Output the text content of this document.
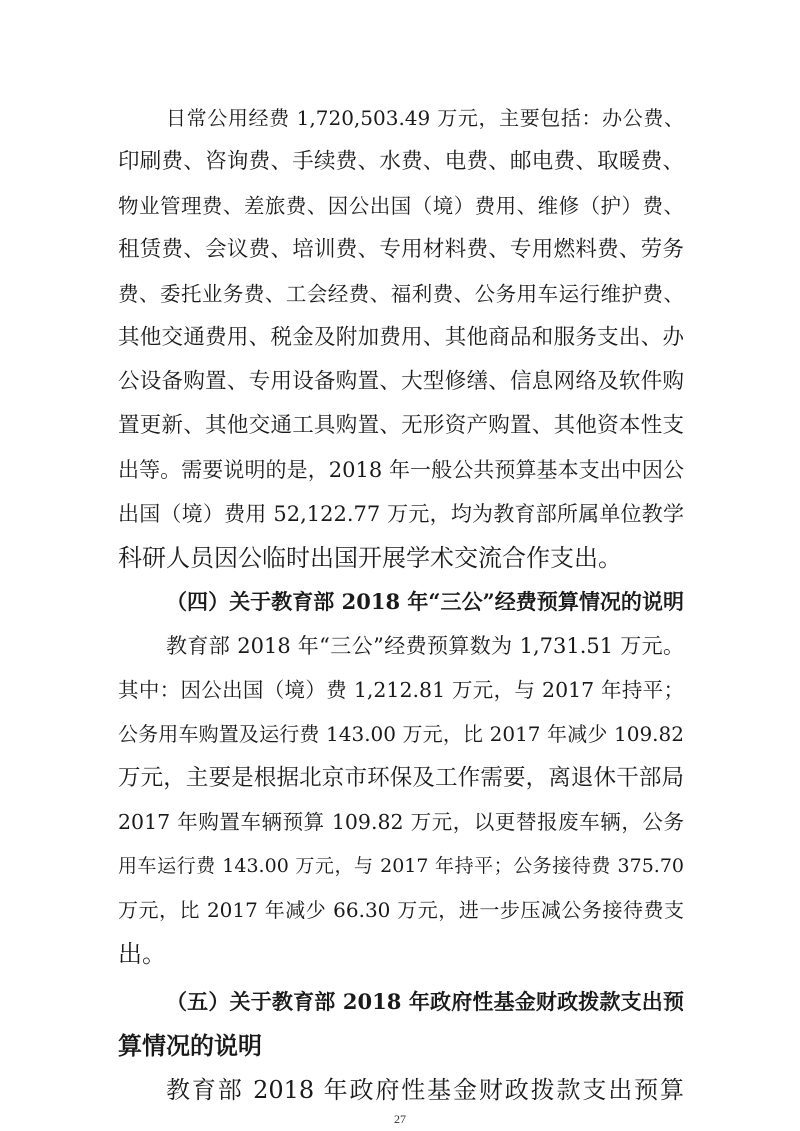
日常公用经费 1,720,503.49 万元，主要包括：办公费、
印刷费、咨询费、手续费、水费、电费、邮电费、取暖费、
物业管理费、差旅费、因公出国（境）费用、维修（护）费、
租赁费、会议费、培训费、专用材料费、专用燃料费、劳务
费、委托业务费、工会经费、福利费、公务用车运行维护费、
其他交通费用、税金及附加费用、其他商品和服务支出、办
公设备购置、专用设备购置、大型修缮、信息网络及软件购
置更新、其他交通工具购置、无形资产购置、其他资本性支
出等。需要说明的是，2018 年一般公共预算基本支出中因公
出国（境）费用 52,122.77 万元，均为教育部所属单位教学
科研人员因公临时出国开展学术交流合作支出。
（四）关于教育部 2018 年“三公”经费预算情况的说明
教育部 2018 年“三公”经费预算数为 1,731.51 万元。
其中：因公出国（境）费 1,212.81 万元，与 2017 年持平；
公务用车购置及运行费 143.00 万元，比 2017 年减少 109.82
万元，主要是根据北京市环保及工作需要，离退休干部局
2017 年购置车辆预算 109.82 万元，以更替报废车辆，公务
用车运行费 143.00 万元，与 2017 年持平；公务接待费 375.70
万元，比 2017 年减少 66.30 万元，进一步压减公务接待费支
出。
（五）关于教育部 2018 年政府性基金财政拨款支出预
算情况的说明
教育部 2018 年政府性基金财政拨款支出预算
27
